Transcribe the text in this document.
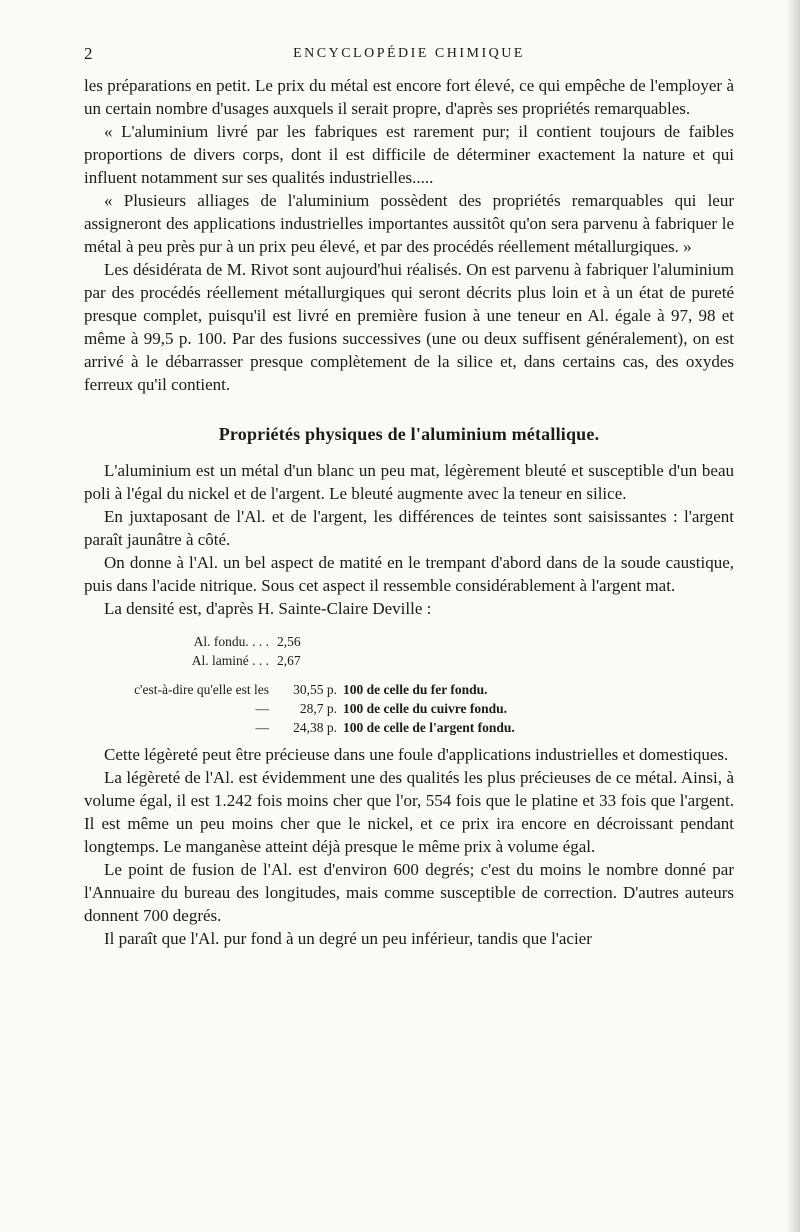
2	ENCYCLOPÉDIE CHIMIQUE

les préparations en petit. Le prix du métal est encore fort élevé, ce qui empêche de l'employer à un certain nombre d'usages auxquels il serait propre, d'après ses propriétés remarquables.

« L'aluminium livré par les fabriques est rarement pur; il contient toujours de faibles proportions de divers corps, dont il est difficile de déterminer exactement la nature et qui influent notamment sur ses qualités industrielles.....

« Plusieurs alliages de l'aluminium possèdent des propriétés remarquables qui leur assigneront des applications industrielles importantes aussitôt qu'on sera parvenu à fabriquer le métal à peu près pur à un prix peu élevé, et par des procédés réellement métallurgiques. »

Les désidérata de M. Rivot sont aujourd'hui réalisés. On est parvenu à fabriquer l'aluminium par des procédés réellement métallurgiques qui seront décrits plus loin et à un état de pureté presque complet, puisqu'il est livré en première fusion à une teneur en Al. égale à 97, 98 et même à 99,5 p. 100. Par des fusions successives (une ou deux suffisent généralement), on est arrivé à le débarrasser presque complètement de la silice et, dans certains cas, des oxydes ferreux qu'il contient.

Propriétés physiques de l'aluminium métallique.

L'aluminium est un métal d'un blanc un peu mat, légèrement bleuté et susceptible d'un beau poli à l'égal du nickel et de l'argent. Le bleuté augmente avec la teneur en silice.

En juxtaposant de l'Al. et de l'argent, les différences de teintes sont saisissantes : l'argent paraît jaunâtre à côté.

On donne à l'Al. un bel aspect de matité en le trempant d'abord dans de la soude caustique, puis dans l'acide nitrique. Sous cet aspect il ressemble considérablement à l'argent mat.

La densité est, d'après H. Sainte-Claire Deville :

Al. fondu. . . . 2,56
Al. laminé . . . 2,67
c'est-à-dire qu'elle est les	30,55 p. 100 de celle du fer fondu.
—	28,7 p. 100 de celle du cuivre fondu.
—	24,38 p. 100 de celle de l'argent fondu.

Cette légèreté peut être précieuse dans une foule d'applications industrielles et domestiques.

La légèreté de l'Al. est évidemment une des qualités les plus précieuses de ce métal. Ainsi, à volume égal, il est 1.242 fois moins cher que l'or, 554 fois que le platine et 33 fois que l'argent. Il est même un peu moins cher que le nickel, et ce prix ira encore en décroissant pendant longtemps. Le manganèse atteint déjà presque le même prix à volume égal.

Le point de fusion de l'Al. est d'environ 600 degrés; c'est du moins le nombre donné par l'Annuaire du bureau des longitudes, mais comme susceptible de correction. D'autres auteurs donnent 700 degrés.

Il paraît que l'Al. pur fond à un degré un peu inférieur, tandis que l'acier
